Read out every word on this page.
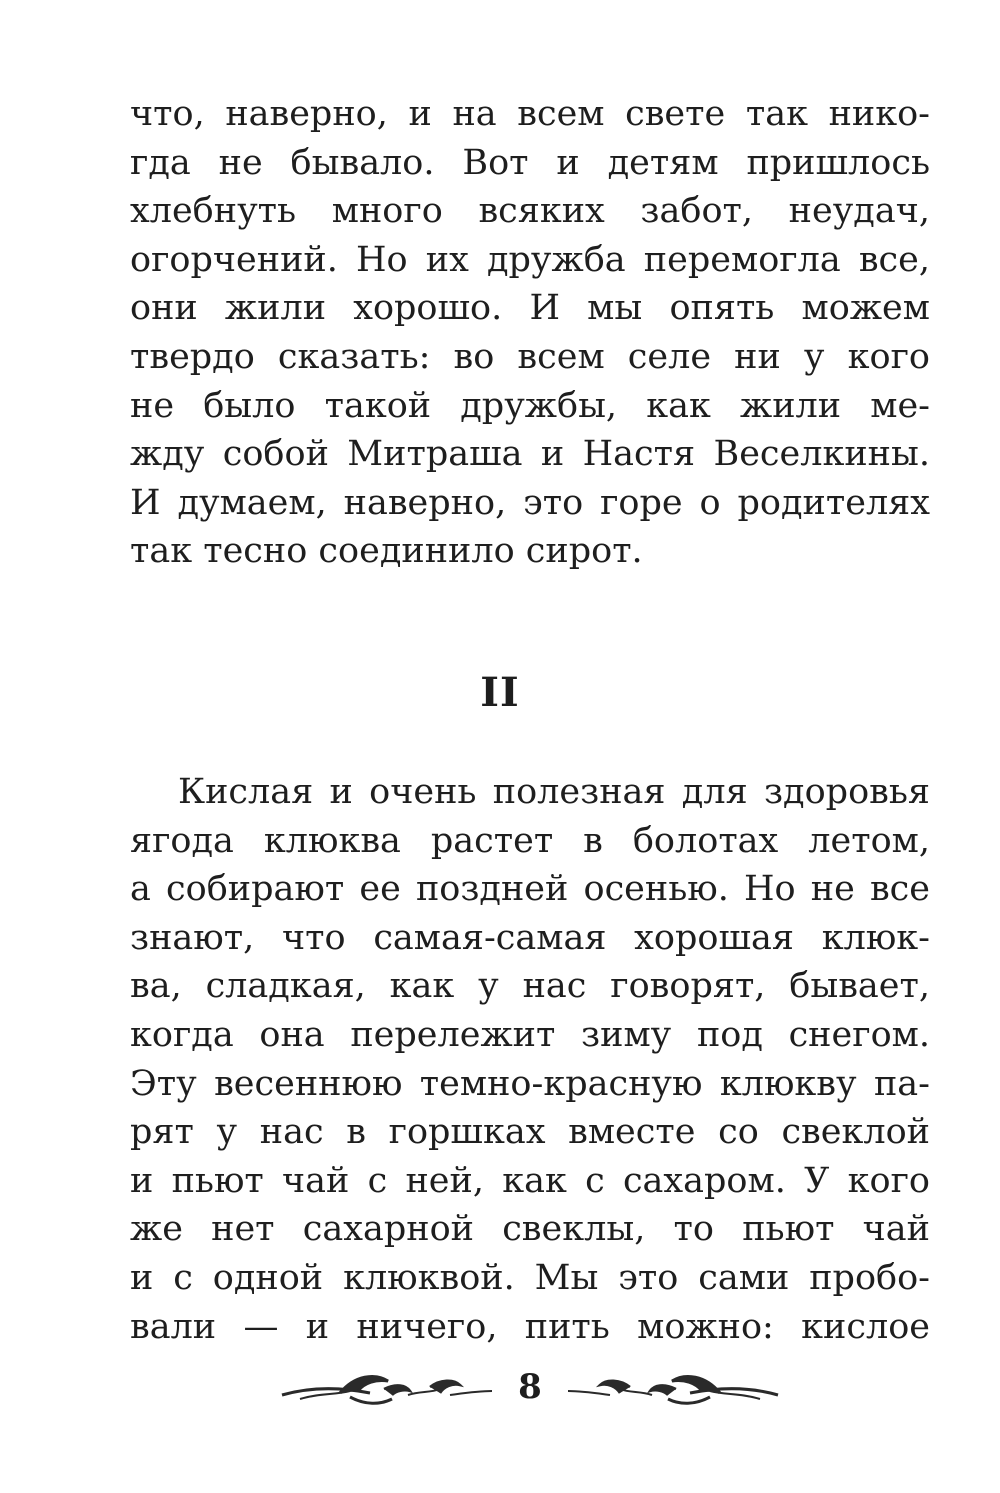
что, наверно, и на всем свете так нико-
гда не бывало. Вот и детям пришлось
хлебнуть много всяких забот, неудач,
огорчений. Но их дружба перемогла все,
они жили хорошо. И мы опять можем
твердо сказать: во всем селе ни у кого
не было такой дружбы, как жили ме-
жду собой Митраша и Настя Веселкины.
И думаем, наверно, это горе о родителях
так тесно соединило сирот.
II
Кислая и очень полезная для здоровья
ягода клюква растет в болотах летом,
а собирают ее поздней осенью. Но не все
знают, что самая-самая хорошая клюк-
ва, сладкая, как у нас говорят, бывает,
когда она перележит зиму под снегом.
Эту весеннюю темно-красную клюкву па-
рят у нас в горшках вместе со свеклой
и пьют чай с ней, как с сахаром. У кого
же нет сахарной свеклы, то пьют чай
и с одной клюквой. Мы это сами пробо-
вали — и ничего, пить можно: кислое
8
